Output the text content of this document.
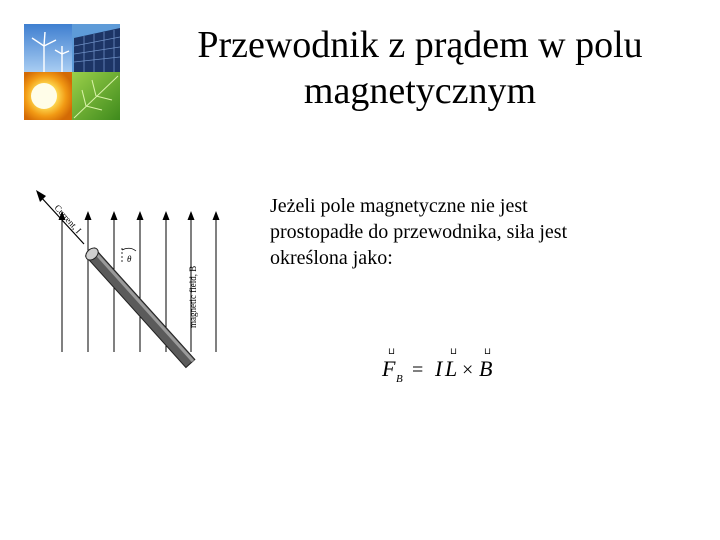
Przewodnik z prądem w polu
magnetycznym
θ
Current, I
magnetic field, B

Jeżeli pole magnetyczne nie jest
prostopadłe do przewodnika, siła jest
określona jako:

⊔	⊔	⊔
F I L B
B = ×
